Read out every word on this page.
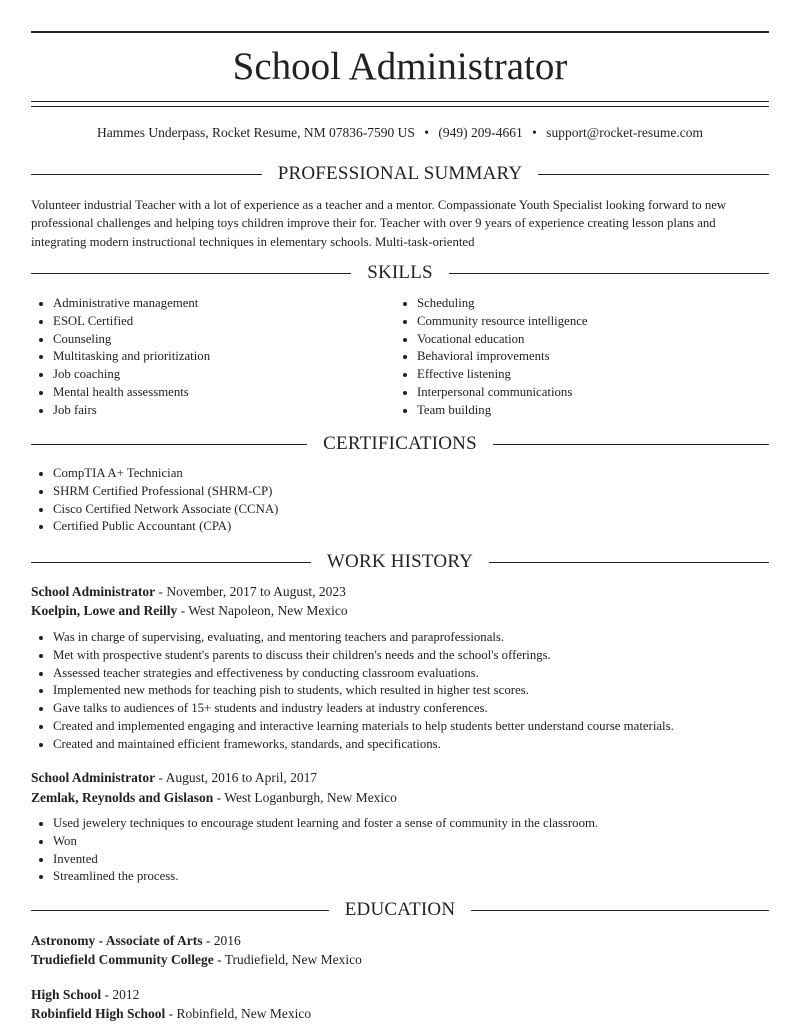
School Administrator
Hammes Underpass, Rocket Resume, NM 07836-7590 US • (949) 209-4661 • support@rocket-resume.com
PROFESSIONAL SUMMARY
Volunteer industrial Teacher with a lot of experience as a teacher and a mentor. Compassionate Youth Specialist looking forward to new professional challenges and helping toys children improve their for. Teacher with over 9 years of experience creating lesson plans and integrating modern instructional techniques in elementary schools. Multi-task-oriented
SKILLS
• Administrative management
• ESOL Certified
• Counseling
• Multitasking and prioritization
• Job coaching
• Mental health assessments
• Job fairs
• Scheduling
• Community resource intelligence
• Vocational education
• Behavioral improvements
• Effective listening
• Interpersonal communications
• Team building
CERTIFICATIONS
• CompTIA A+ Technician
• SHRM Certified Professional (SHRM-CP)
• Cisco Certified Network Associate (CCNA)
• Certified Public Accountant (CPA)
WORK HISTORY
School Administrator - November, 2017 to August, 2023
Koelpin, Lowe and Reilly - West Napoleon, New Mexico
• Was in charge of supervising, evaluating, and mentoring teachers and paraprofessionals.
• Met with prospective student's parents to discuss their children's needs and the school's offerings.
• Assessed teacher strategies and effectiveness by conducting classroom evaluations.
• Implemented new methods for teaching pish to students, which resulted in higher test scores.
• Gave talks to audiences of 15+ students and industry leaders at industry conferences.
• Created and implemented engaging and interactive learning materials to help students better understand course materials.
• Created and maintained efficient frameworks, standards, and specifications.
School Administrator - August, 2016 to April, 2017
Zemlak, Reynolds and Gislason - West Loganburgh, New Mexico
• Used jewelery techniques to encourage student learning and foster a sense of community in the classroom.
• Won
• Invented
• Streamlined the process.
EDUCATION
Astronomy - Associate of Arts - 2016
Trudiefield Community College - Trudiefield, New Mexico
High School - 2012
Robinfield High School - Robinfield, New Mexico
